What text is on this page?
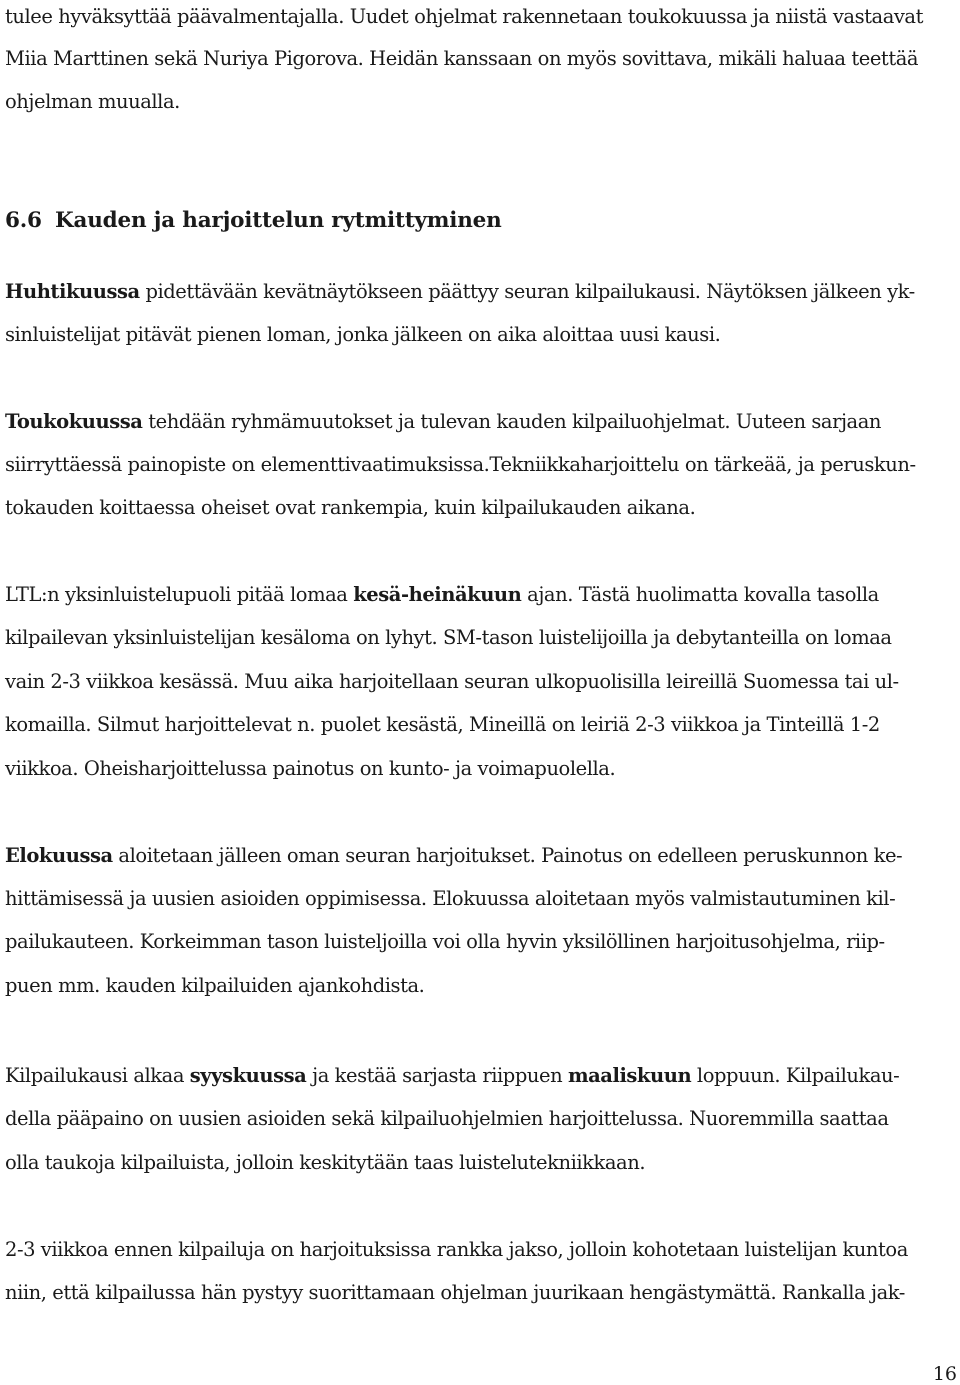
tulee hyväksyttää päävalmentajalla. Uudet ohjelmat rakennetaan toukokuussa ja niistä vastaavat
Miia Marttinen sekä Nuriya Pigorova. Heidän kanssaan on myös sovittava, mikäli haluaa teettää
ohjelman muualla.
6.6 Kauden ja harjoittelun rytmittyminen
Huhtikuussa pidettävään kevätnäytökseen päättyy seuran kilpailukausi. Näytöksen jälkeen yk-
sinluistelijat pitävät pienen loman, jonka jälkeen on aika aloittaa uusi kausi.
Toukokuussa tehdään ryhmämuutokset ja tulevan kauden kilpailuohjelmat. Uuteen sarjaan
siirryttäessä painopiste on elementtivaatimuksissa.Tekniikkaharjoittelu on tärkeää, ja peruskun-
tokauden koittaessa oheiset ovat rankempia, kuin kilpailukauden aikana.
LTL:n yksinluistelupuoli pitää lomaa kesä-heinäkuun ajan. Tästä huolimatta kovalla tasolla
kilpailevan yksinluistelijan kesäloma on lyhyt. SM-tason luistelijoilla ja debytanteilla on lomaa
vain 2-3 viikkoa kesässä. Muu aika harjoitellaan seuran ulkopuolisilla leireillä Suomessa tai ul-
komailla. Silmut harjoittelevat n. puolet kesästä, Mineillä on leiriä 2-3 viikkoa ja Tinteillä 1-2
viikkoa. Oheisharjoittelussa painotus on kunto- ja voimapuolella.
Elokuussa aloitetaan jälleen oman seuran harjoitukset. Painotus on edelleen peruskunnon ke-
hittämisessä ja uusien asioiden oppimisessa. Elokuussa aloitetaan myös valmistautuminen kil-
pailukauteen. Korkeimman tason luisteljoilla voi olla hyvin yksilöllinen harjoitusohjelma, riip-
puen mm. kauden kilpailuiden ajankohdista.
Kilpailukausi alkaa syyskuussa ja kestää sarjasta riippuen maaliskuun loppuun. Kilpailukau-
della pääpaino on uusien asioiden sekä kilpailuohjelmien harjoittelussa. Nuoremmilla saattaa
olla taukoja kilpailuista, jolloin keskitytään taas luistelutekniikkaan.
2-3 viikkoa ennen kilpailuja on harjoituksissa rankka jakso, jolloin kohotetaan luistelijan kuntoa
niin, että kilpailussa hän pystyy suorittamaan ohjelman juurikaan hengästymättä. Rankalla jak-
16
